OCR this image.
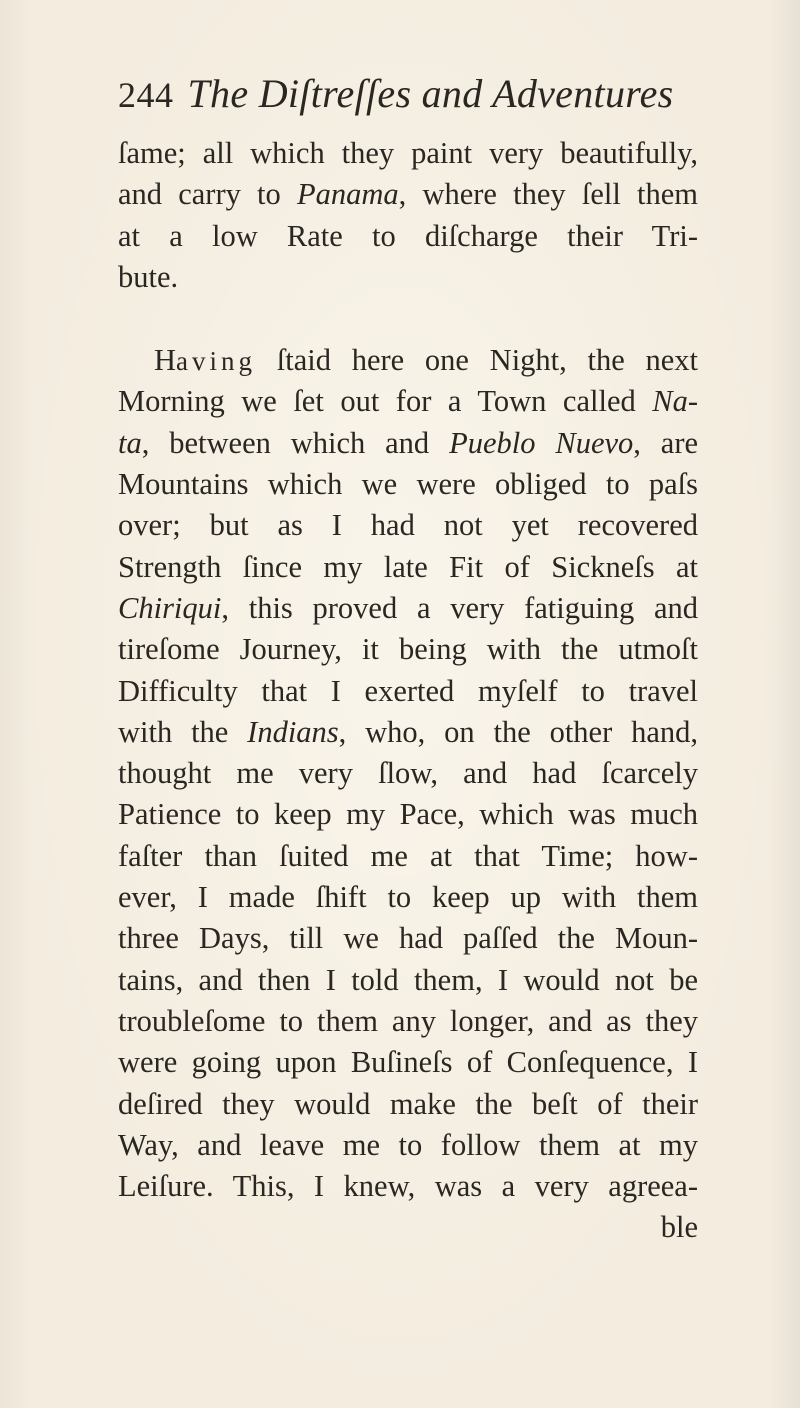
244 The Diſtreſſes and Adventures
ſame; all which they paint very beautifully,
and carry to Panama, where they ſell them
at a low Rate to diſcharge their Tri-
bute.
Having ſtaid here one Night, the next
Morning we ſet out for a Town called Na-
ta, between which and Pueblo Nuevo, are
Mountains which we were obliged to paſs
over; but as I had not yet recovered
Strength ſince my late Fit of Sickneſs at
Chiriqui, this proved a very fatiguing and
tireſome Journey, it being with the utmoſt
Difficulty that I exerted myſelf to travel
with the Indians, who, on the other hand,
thought me very ſlow, and had ſcarcely
Patience to keep my Pace, which was much
faſter than ſuited me at that Time; how-
ever, I made ſhift to keep up with them
three Days, till we had paſſed the Moun-
tains, and then I told them, I would not be
troubleſome to them any longer, and as they
were going upon Buſineſs of Conſequence, I
deſired they would make the beſt of their
Way, and leave me to follow them at my
Leiſure. This, I knew, was a very agreea-
ble
